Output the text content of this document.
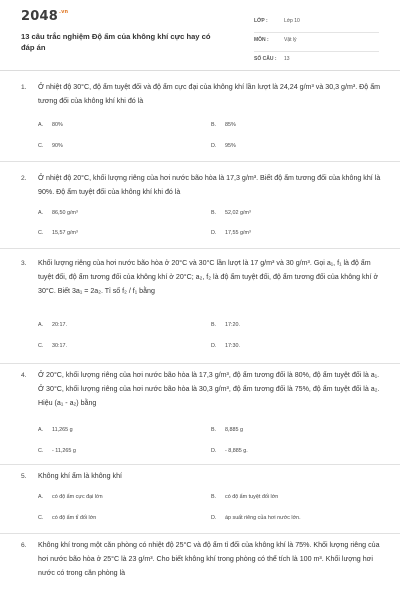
$2048^{.vn}$
13 câu trắc nghiệm Độ ẩm của không khí cực hay có đáp án
LỚP :	Lớp 10
MÔN :	Vật lý
SỐ CÂU : 13
1. Ở nhiệt độ 30°C, độ ẩm tuyệt đối và độ ẩm cực đại của không khí lần lượt là 24,24 g/m³ và 30,3 g/m³. Độ ẩm tương đối của không khí khi đó là
A. 80%	B. 85%
C. 90%	D. 95%
2. Ở nhiệt độ 20°C, khối lượng riêng của hơi nước bão hòa là 17,3 g/m³. Biết độ ẩm tương đối của không khí là 90%. Độ ẩm tuyệt đối của không khí khi đó là
A. 86,50 g/m³	B. 52,02 g/m³
C. 15,57 g/m³	D. 17,55 g/m³
3. Khối lượng riêng của hơi nước bão hòa ở 20°C và 30°C lần lượt là 17 g/m³ và 30 g/m³. Gọi a₁, f₁ là độ ẩm tuyệt đối, độ ẩm tương đối của không khí ở 20°C; a₂, f₂ là độ ẩm tuyệt đối, độ ẩm tương đối của không khí ở 30°C. Biết 3a₁ = 2a₂. Tỉ số f₂ / f₁ bằng
A. 20:17.	B. 17:20.
C. 30:17.	D. 17:30.
4. Ở 20°C, khối lượng riêng của hơi nước bão hòa là 17,3 g/m³, độ ẩm tương đối là 80%, độ ẩm tuyệt đối là a₁. Ở 30°C, khối lượng riêng của hơi nước bão hòa là 30,3 g/m³, độ ẩm tương đối là 75%, độ ẩm tuyệt đối là a₂. Hiệu (a₁ - a₂) bằng
A. 11,265 g	B. 8,885 g
C. - 11,265 g	D. - 8,885 g.
5. Không khí ẩm là không khí
A. có độ ẩm cực đại lớn	B. có độ ẩm tuyệt đối lớn
C. có độ ẩm tỉ đối lớn	D. áp suất riêng của hơi nước lớn.
6. Không khí trong một căn phòng có nhiệt độ 25°C và độ ẩm tỉ đối của không khí là 75%. Khối lượng riêng của hơi nước bão hòa ở 25°C là 23 g/m³. Cho biết không khí trong phòng có thể tích là 100 m³. Khối lượng hơi nước có trong căn phòng là
